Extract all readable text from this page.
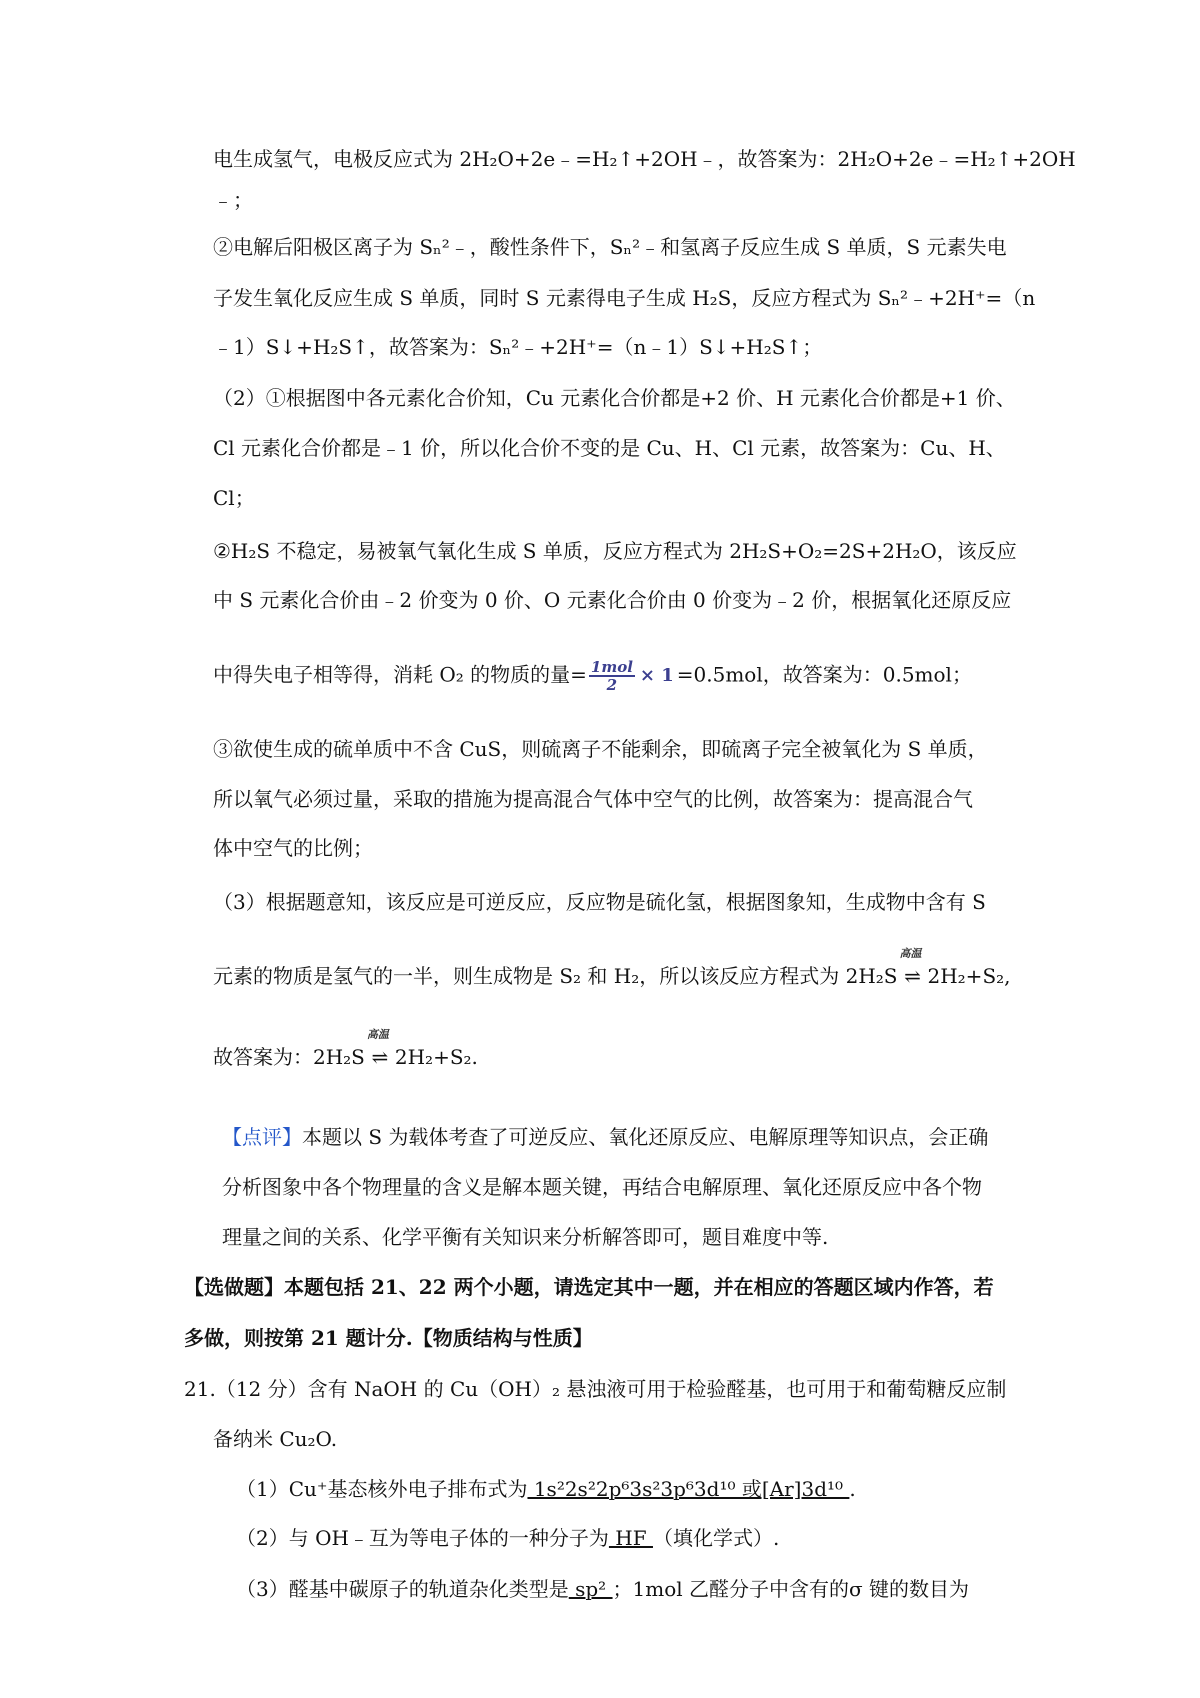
电生成氢气，电极反应式为 2H₂O+2e﹣=H₂↑+2OH﹣，故答案为：2H₂O+2e﹣=H₂↑+2OH
﹣；
②电解后阳极区离子为 Sₙ²﹣，酸性条件下，Sₙ²﹣和氢离子反应生成 S 单质，S 元素失电
子发生氧化反应生成 S 单质，同时 S 元素得电子生成 H₂S，反应方程式为 Sₙ²﹣+2H⁺=（n
﹣1）S↓+H₂S↑，故答案为：Sₙ²﹣+2H⁺=（n﹣1）S↓+H₂S↑；
（2）①根据图中各元素化合价知，Cu 元素化合价都是+2 价、H 元素化合价都是+1 价、
Cl 元素化合价都是﹣1 价，所以化合价不变的是 Cu、H、Cl 元素，故答案为：Cu、H、
Cl；
②H₂S 不稳定，易被氧气氧化生成 S 单质，反应方程式为 2H₂S+O₂=2S+2H₂O，该反应
中 S 元素化合价由﹣2 价变为 0 价、O 元素化合价由 0 价变为﹣2 价，根据氧化还原反应
中得失电子相等得，消耗 O₂ 的物质的量= $\frac{\text{1mol}}{2} \times 1 =0.5mol$，故答案为：0.5mol；
③欲使生成的硫单质中不含 CuS，则硫离子不能剩余，即硫离子完全被氧化为 S 单质，
所以氧气必须过量，采取的措施为提高混合气体中空气的比例，故答案为：提高混合气
体中空气的比例；
（3）根据题意知，该反应是可逆反应，反应物是硫化氢，根据图象知，生成物中含有 S
元素的物质是氢气的一半，则生成物是 S₂ 和 H₂，所以该反应方程式为 2H₂S
高温
⇌ 2H₂+S₂,
故答案为：2H₂S
高温
⇌ 2H₂+S₂.
【点评】本题以 S 为载体考查了可逆反应、氧化还原反应、电解原理等知识点，会正确
分析图象中各个物理量的含义是解本题关键，再结合电解原理、氧化还原反应中各个物
理量之间的关系、化学平衡有关知识来分析解答即可，题目难度中等.
【选做题】本题包括 21、22 两个小题，请选定其中一题，并在相应的答题区域内作答，若
多做，则按第 21 题计分.【物质结构与性质】
21.（12 分）含有 NaOH 的 Cu（OH）₂ 悬浊液可用于检验醛基，也可用于和葡萄糖反应制
备纳米 Cu₂O.
（1）Cu⁺基态核外电子排布式为 1s²2s²2p⁶3s²3p⁶3d¹⁰ 或[Ar]3d¹⁰ .
（2）与 OH﹣互为等电子体的一种分子为 HF （填化学式）.
（3）醛基中碳原子的轨道杂化类型是 sp² ；1mol 乙醛分子中含有的σ 键的数目为
